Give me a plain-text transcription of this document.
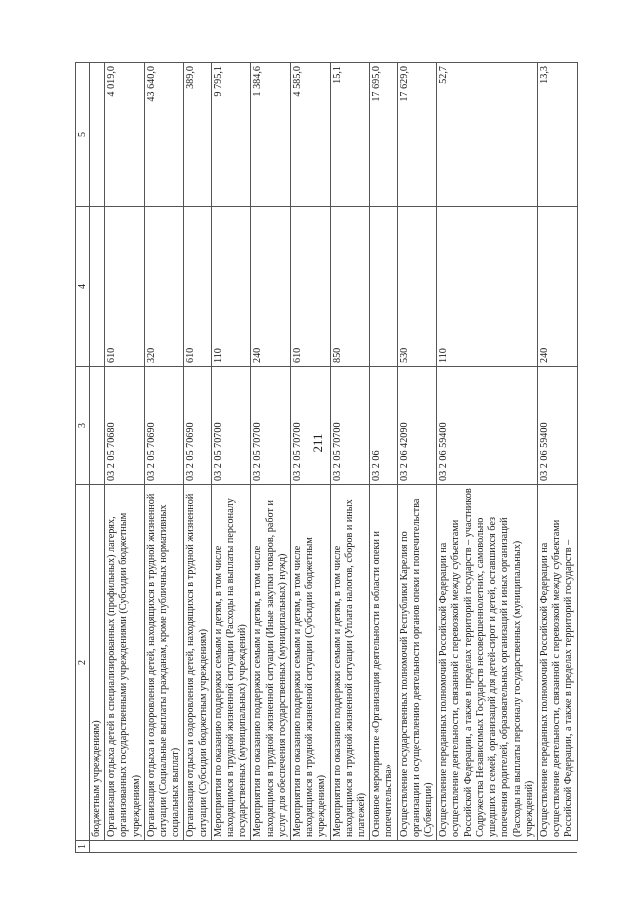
211
1	2	3	4	5
	бюджетным учреждениям)			
	Организация отдыха детей в специализированных (профильных) лагерях, организованных государственными учреждениями (Субсидии бюджетным учреждениям)	03 2 05 70680	610	4 019,0
	Организация отдыха и оздоровления детей, находящихся в трудной жизненной ситуации (Социальные выплаты гражданам, кроме публичных нормативных социальных выплат)	03 2 05 70690	320	43 640,0
	Организация отдыха и оздоровления детей, находящихся в трудной жизненной ситуации (Субсидии бюджетным учреждениям)	03 2 05 70690	610	389,0
	Мероприятия по оказанию поддержки семьям и детям, в том числе находящимся в трудной жизненной ситуации (Расходы на выплаты персоналу государственных (муниципальных) учреждений)	03 2 05 70700	110	9 795,1
	Мероприятия по оказанию поддержки семьям и детям, в том числе находящимся в трудной жизненной ситуации (Иные закупки товаров, работ и услуг для обеспечения государственных (муниципальных) нужд)	03 2 05 70700	240	1 384,6
	Мероприятия по оказанию поддержки семьям и детям, в том числе находящимся в трудной жизненной ситуации (Субсидии бюджетным учреждениям)	03 2 05 70700	610	4 585,0
	Мероприятия по оказанию поддержки семьям и детям, в том числе находящимся в трудной жизненной ситуации (Уплата налогов, сборов и иных платежей)	03 2 05 70700	850	15,1
	Основное мероприятие «Организация деятельности в области опеки и попечительства»	03 2 06		17 695,0
	Осуществление государственных полномочий Республики Карелия по организации и осуществлению деятельности органов опеки и попечительства (Субвенции)	03 2 06 42090	530	17 629,0
	Осуществление переданных полномочий Российской Федерации на осуществление деятельности, связанной с перевозкой между субъектами Российской Федерации, а также в пределах территорий государств – участников Содружества Независимых Государств несовершеннолетних, самовольно ушедших из семей, организаций для детей-сирот и детей, оставшихся без попечения родителей, образовательных организаций и иных организаций (Расходы на выплаты персоналу государственных (муниципальных) учреждений)	03 2 06 59400	110	52,7
	Осуществление переданных полномочий Российской Федерации на осуществление деятельности, связанной с перевозкой между субъектами Российской Федерации, а также в пределах территорий государств –	03 2 06 59400	240	13,3
